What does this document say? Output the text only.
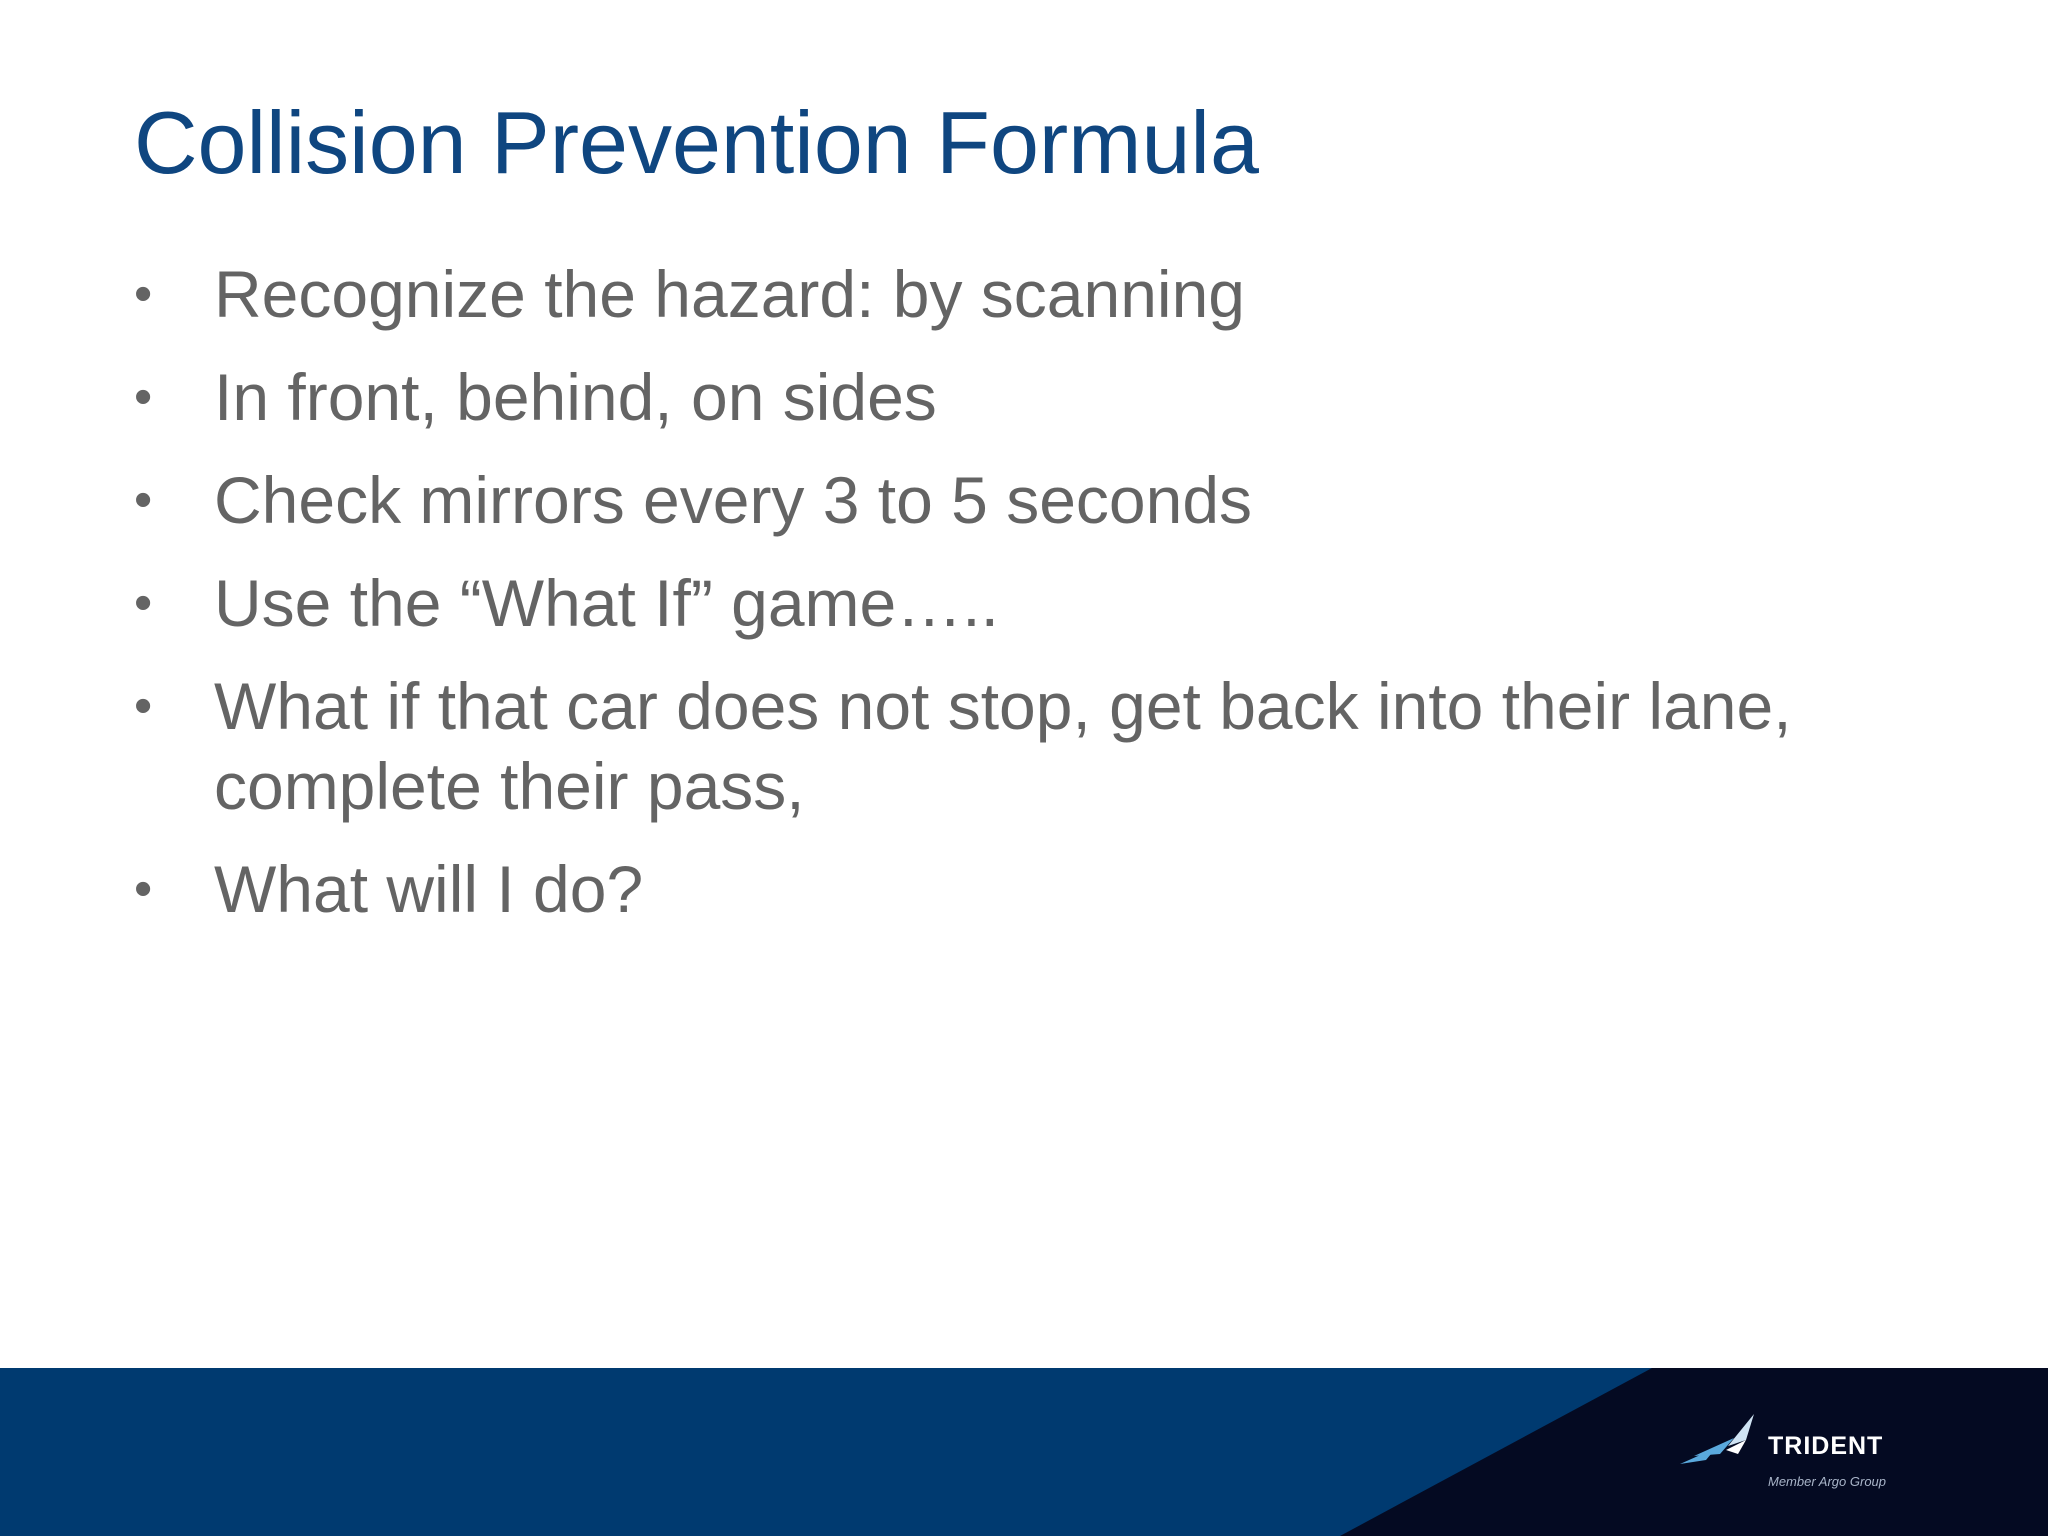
Collision Prevention Formula
• Recognize the hazard: by scanning
• In front, behind, on sides
• Check mirrors every 3 to 5 seconds
• Use the “What If” game…..
• What if that car does not stop, get back into their lane, complete their pass,
• What will I do?
TRIDENT
Member Argo Group
